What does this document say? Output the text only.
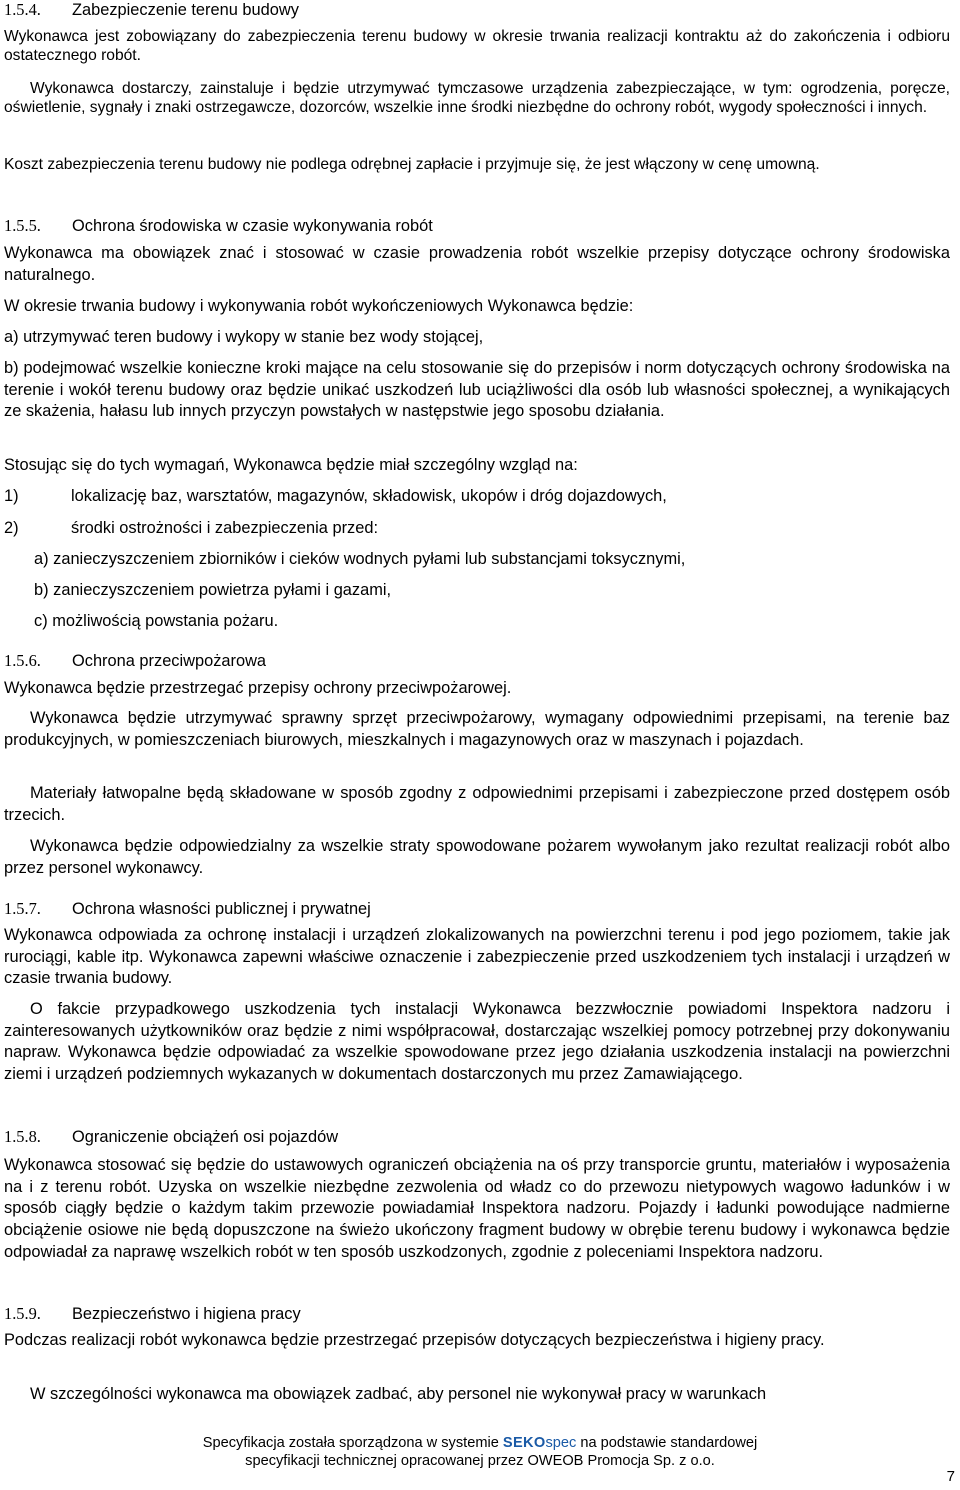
1.5.4. Zabezpieczenie terenu budowy
Wykonawca jest zobowiązany do zabezpieczenia terenu budowy w okresie trwania realizacji kontraktu aż do zakończenia i odbioru ostatecznego robót.
Wykonawca dostarczy, zainstaluje i będzie utrzymywać tymczasowe urządzenia zabezpieczające, w tym: ogrodzenia, poręcze, oświetlenie, sygnały i znaki ostrzegawcze, dozorców, wszelkie inne środki niezbędne do ochrony robót, wygody społeczności i innych.
Koszt zabezpieczenia terenu budowy nie podlega odrębnej zapłacie i przyjmuje się, że jest włączony w cenę umowną.
1.5.5. Ochrona środowiska w czasie wykonywania robót
Wykonawca ma obowiązek znać i stosować w czasie prowadzenia robót wszelkie przepisy dotyczące ochrony środowiska naturalnego.
W okresie trwania budowy i wykonywania robót wykończeniowych Wykonawca będzie:
a) utrzymywać teren budowy i wykopy w stanie bez wody stojącej,
b) podejmować wszelkie konieczne kroki mające na celu stosowanie się do przepisów i norm dotyczących ochrony środowiska na terenie i wokół terenu budowy oraz będzie unikać uszkodzeń lub uciążliwości dla osób lub własności społecznej, a wynikających ze skażenia, hałasu lub innych przyczyn powstałych w następstwie jego sposobu działania.
Stosując się do tych wymagań, Wykonawca będzie miał szczególny wzgląd na:
1)	lokalizację baz, warsztatów, magazynów, składowisk, ukopów i dróg dojazdowych,
2)	środki ostrożności i zabezpieczenia przed:
a) zanieczyszczeniem zbiorników i cieków wodnych pyłami lub substancjami toksycznymi,
b) zanieczyszczeniem powietrza pyłami i gazami,
c) możliwością powstania pożaru.
1.5.6. Ochrona przeciwpożarowa
Wykonawca będzie przestrzegać przepisy ochrony przeciwpożarowej.
Wykonawca będzie utrzymywać sprawny sprzęt przeciwpożarowy, wymagany odpowiednimi przepisami, na terenie baz produkcyjnych, w pomieszczeniach biurowych, mieszkalnych i magazynowych oraz w maszynach i pojazdach.
Materiały łatwopalne będą składowane w sposób zgodny z odpowiednimi przepisami i zabezpieczone przed dostępem osób trzecich.
Wykonawca będzie odpowiedzialny za wszelkie straty spowodowane pożarem wywołanym jako rezultat realizacji robót albo przez personel wykonawcy.
1.5.7. Ochrona własności publicznej i prywatnej
Wykonawca odpowiada za ochronę instalacji i urządzeń zlokalizowanych na powierzchni terenu i pod jego poziomem, takie jak rurociągi, kable itp. Wykonawca zapewni właściwe oznaczenie i zabezpieczenie przed uszkodzeniem tych instalacji i urządzeń w czasie trwania budowy.
O fakcie przypadkowego uszkodzenia tych instalacji Wykonawca bezzwłocznie powiadomi Inspektora nadzoru i zainteresowanych użytkowników oraz będzie z nimi współpracował, dostarczając wszelkiej pomocy potrzebnej przy dokonywaniu napraw. Wykonawca będzie odpowiadać za wszelkie spowodowane przez jego działania uszkodzenia instalacji na powierzchni ziemi i urządzeń podziemnych wykazanych w dokumentach dostarczonych mu przez Zamawiającego.
1.5.8. Ograniczenie obciążeń osi pojazdów
Wykonawca stosować się będzie do ustawowych ograniczeń obciążenia na oś przy transporcie gruntu, materiałów i wyposażenia na i z terenu robót. Uzyska on wszelkie niezbędne zezwolenia od władz co do przewozu nietypowych wagowo ładunków i w sposób ciągły będzie o każdym takim przewozie powiadamiał Inspektora nadzoru. Pojazdy i ładunki powodujące nadmierne obciążenie osiowe nie będą dopuszczone na świeżo ukończony fragment budowy w obrębie terenu budowy i wykonawca będzie odpowiadał za naprawę wszelkich robót w ten sposób uszkodzonych, zgodnie z poleceniami Inspektora nadzoru.
1.5.9. Bezpieczeństwo i higiena pracy
Podczas realizacji robót wykonawca będzie przestrzegać przepisów dotyczących bezpieczeństwa i higieny pracy.
W szczególności wykonawca ma obowiązek zadbać, aby personel nie wykonywał pracy w warunkach
Specyfikacja została sporządzona w systemie SEKOspec na podstawie standardowej
specyfikacji technicznej opracowanej przez OWEOB Promocja Sp. z o.o.
7
